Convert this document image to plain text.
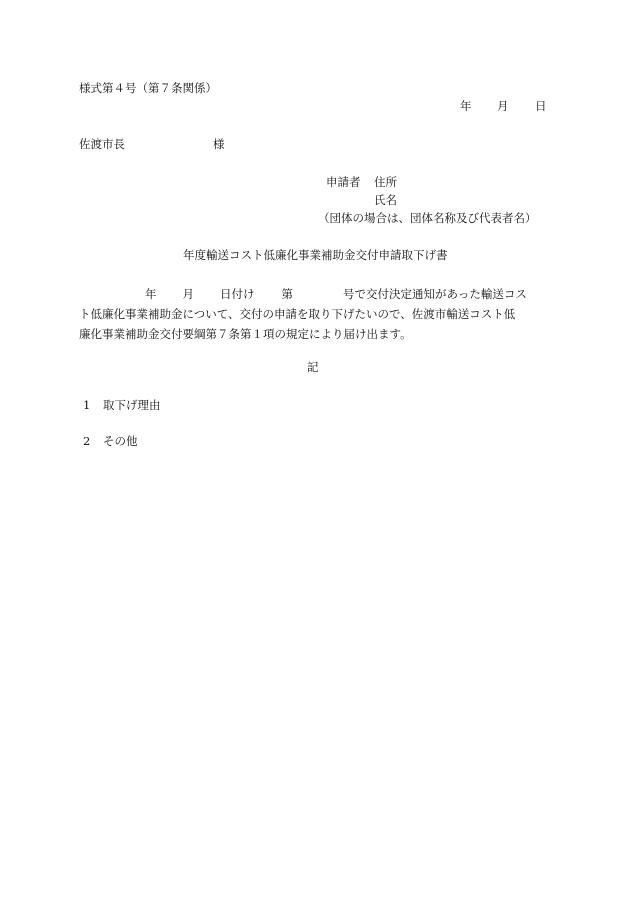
様式第４号（第７条関係）
年 月 日
佐渡市長	様
申請者 住所
氏名
（団体の場合は、団体名称及び代表者名）
年度輸送コスト低廉化事業補助金交付申請取下げ書

年 月 日付け 第	号で交付決定通知があった輸送コス

ト低廉化事業補助金について、交付の申請を取り下げたいので、佐渡市輸送コスト低

廉化事業補助金交付要綱第７条第１項の規定により届け出ます。

記
1 取下げ理由
2 その他
